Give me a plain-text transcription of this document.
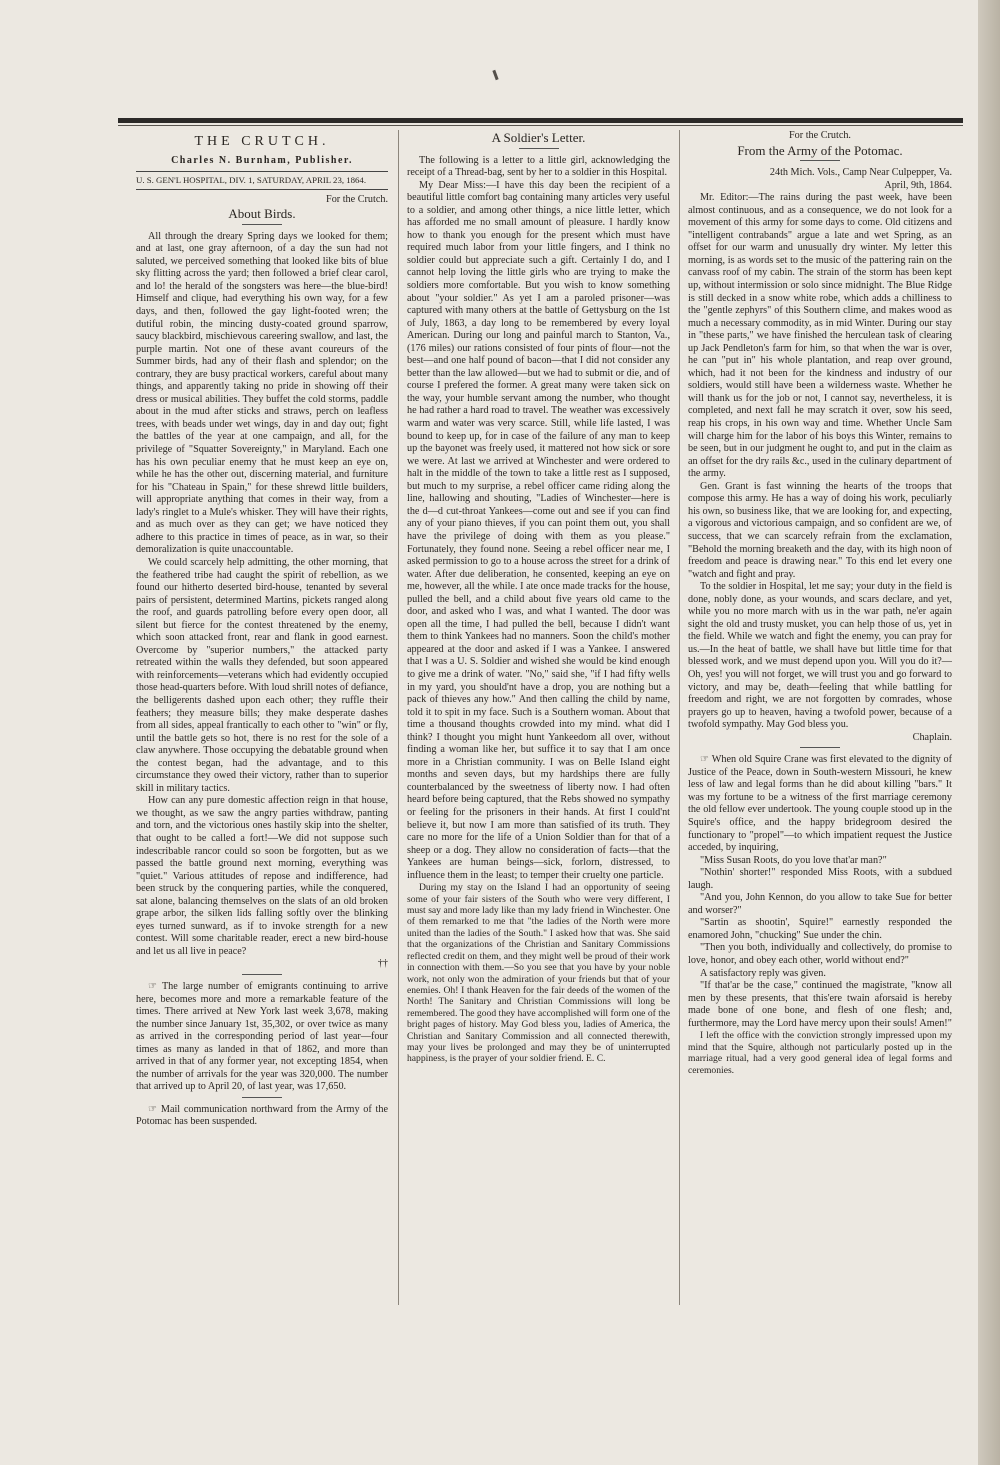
THE CRUTCH.
Charles N. Burnham, Publisher.

U. S. GEN'L HOSPITAL, DIV. 1, SATURDAY, APRIL 23, 1864.

For the Crutch.

About Birds.

All through the dreary Spring days we looked for them; and at last, one gray afternoon, of a day the sun had not saluted, we perceived something that looked like bits of blue sky flitting across the yard; then followed a brief clear carol, and lo! the herald of the songsters was here—the blue-bird! Himself and clique, had everything his own way, for a few days, and then, followed the gay light-footed wren; the dutiful robin, the mincing dusty-coated ground sparrow, saucy blackbird, mischievous careering swallow, and last, the purple martin. Not one of these avant coureurs of the Summer birds, had any of their flash and splendor; on the contrary, they are busy practical workers, careful about many things, and apparently taking no pride in showing off their dress or musical abilities. They buffet the cold storms, paddle about in the mud after sticks and straws, perch on leafless trees, with beads under wet wings, day in and day out; fight the battles of the year at one campaign, and all, for the privilege of "Squatter Sovereignty," in Maryland. Each one has his own peculiar enemy that he must keep an eye on, while he has the other out, discerning material, and furniture for his "Chateau in Spain," for these shrewd little builders, will appropriate anything that comes in their way, from a lady's ringlet to a Mule's whisker. They will have their rights, and as much over as they can get; we have noticed they adhere to this practice in times of peace, as in war, so their demoralization is quite unaccountable.

We could scarcely help admitting, the other morning, that the feathered tribe had caught the spirit of rebellion, as we found our hitherto deserted bird-house, tenanted by several pairs of persistent, determined Martins, pickets ranged along the roof, and guards patrolling before every open door, all silent but fierce for the contest threatened by the enemy, which soon attacked front, rear and flank in good earnest. Overcome by "superior numbers," the attacked party retreated within the walls they defended, but soon appeared with reinforcements—veterans which had evidently occupied those head-quarters before. With loud shrill notes of defiance, the belligerents dashed upon each other; they ruffle their feathers; they measure bills; they make desperate dashes from all sides, appeal frantically to each other to "win" or fly, until the battle gets so hot, there is no rest for the sole of a claw anywhere. Those occupying the debatable ground when the contest began, had the advantage, and to this circumstance they owed their victory, rather than to superior skill in military tactics.

How can any pure domestic affection reign in that house, we thought, as we saw the angry parties withdraw, panting and torn, and the victorious ones hastily skip into the shelter, that ought to be called a fort!—We did not suppose such indescribable rancor could so soon be forgotten, but as we passed the battle ground next morning, everything was "quiet." Various attitudes of repose and indifference, had been struck by the conquering parties, while the conquered, sat alone, balancing themselves on the slats of an old broken grape arbor, the silken lids falling softly over the blinking eyes turned sunward, as if to invoke strength for a new contest. Will some charitable reader, erect a new bird-house and let us all live in peace?

††

☞ The large number of emigrants continuing to arrive here, becomes more and more a remarkable feature of the times. There arrived at New York last week 3,678, making the number since January 1st, 35,302, or over twice as many as arrived in the corresponding period of last year—four times as many as landed in that of 1862, and more than arrived in that of any former year, not excepting 1854, when the number of arrivals for the year was 320,000. The number that arrived up to April 20, of last year, was 17,650.

☞ Mail communication northward from the Army of the Potomac has been suspended.

A Soldier's Letter.

The following is a letter to a little girl, acknowledging the receipt of a Thread-bag, sent by her to a soldier in this Hospital.

My Dear Miss:—I have this day been the recipient of a beautiful little comfort bag containing many articles very useful to a soldier, and among other things, a nice little letter, which has afforded me no small amount of pleasure. I hardly know how to thank you enough for the present which must have required much labor from your little fingers, and I think no soldier could but appreciate such a gift. Certainly I do, and I cannot help loving the little girls who are trying to make the soldiers more comfortable. But you wish to know something about "your soldier." As yet I am a paroled prisoner—was captured with many others at the battle of Gettysburg on the 1st of July, 1863, a day long to be remembered by every loyal American. During our long and painful march to Stanton, Va., (176 miles) our rations consisted of four pints of flour—not the best—and one half pound of bacon—that I did not consider any better than the law allowed—but we had to submit or die, and of course I prefered the former. A great many were taken sick on the way, your humble servant among the number, who thought he had rather a hard road to travel. The weather was excessively warm and water was very scarce. Still, while life lasted, I was bound to keep up, for in case of the failure of any man to keep up the bayonet was freely used, it mattered not how sick or sore we were. At last we arrived at Winchester and were ordered to halt in the middle of the town to take a little rest as I supposed, but much to my surprise, a rebel officer came riding along the line, hallowing and shouting, "Ladies of Winchester—here is the d—d cut-throat Yankees—come out and see if you can find any of your piano thieves, if you can point them out, you shall have the privilege of doing with them as you please." Fortunately, they found none. Seeing a rebel officer near me, I asked permission to go to a house across the street for a drink of water. After due deliberation, he consented, keeping an eye on me, however, all the while. I ate once made tracks for the house, pulled the bell, and a child about five years old came to the door, and asked who I was, and what I wanted. The door was open all the time, I had pulled the bell, because I didn't want them to think Yankees had no manners. Soon the child's mother appeared at the door and asked if I was a Yankee. I answered that I was a U. S. Soldier and wished she would be kind enough to give me a drink of water. "No," said she, "if I had fifty wells in my yard, you should'nt have a drop, you are nothing but a pack of thieves any how." And then calling the child by name, told it to spit in my face. Such is a Southern woman. About that time a thousand thoughts crowded into my mind. what did I think? I thought you might hunt Yankeedom all over, without finding a woman like her, but suffice it to say that I am once more in a Christian community. I was on Belle Island eight months and seven days, but my hardships there are fully counterbalanced by the sweetness of liberty now. I had often heard before being captured, that the Rebs showed no sympathy or feeling for the prisoners in their hands. At first I could'nt believe it, but now I am more than satisfied of its truth. They care no more for the life of a Union Soldier than for that of a sheep or a dog. They allow no consideration of facts—that the Yankees are human beings—sick, forlorn, distressed, to influence them in the least; to temper their cruelty one particle.

During my stay on the Island I had an opportunity of seeing some of your fair sisters of the South who were very different, I must say and more lady like than my lady friend in Winchester. One of them remarked to me that "the ladies of the North were more united than the ladies of the South." I asked how that was. She said that the organizations of the Christian and Sanitary Commissions reflected credit on them, and they might well be proud of their work in connection with them.—So you see that you have by your noble work, not only won the admiration of your friends but that of your enemies. Oh! I thank Heaven for the fair deeds of the women of the North! The Sanitary and Christian Commissions will long be remembered. The good they have accomplished will form one of the bright pages of history. May God bless you, ladies of America, the Christian and Sanitary Commission and all connected therewith, may your lives be prolonged and may they be of uninterrupted happiness, is the prayer of your soldier friend. E. C.

For the Crutch.

From the Army of the Potomac.

24th Mich. Vols., Camp Near Culpepper, Va.

April, 9th, 1864.

Mr. Editor:—The rains during the past week, have been almost continuous, and as a consequence, we do not look for a movement of this army for some days to come. Old citizens and "intelligent contrabands" argue a late and wet Spring, as an offset for our warm and unusually dry winter. My letter this morning, is as words set to the music of the pattering rain on the canvass roof of my cabin. The strain of the storm has been kept up, without intermission or solo since midnight. The Blue Ridge is still decked in a snow white robe, which adds a chilliness to the "gentle zephyrs" of this Southern clime, and makes wood as much a necessary commodity, as in mid Winter. During our stay in "these parts," we have finished the herculean task of clearing up Jack Pendleton's farm for him, so that when the war is over, he can "put in" his whole plantation, and reap over ground, which, had it not been for the kindness and industry of our soldiers, would still have been a wilderness waste. Whether he will thank us for the job or not, I cannot say, nevertheless, it is completed, and next fall he may scratch it over, sow his seed, reap his crops, in his own way and time. Whether Uncle Sam will charge him for the labor of his boys this Winter, remains to be seen, but in our judgment he ought to, and put in the claim as an offset for the dry rails &c., used in the culinary department of the army.

Gen. Grant is fast winning the hearts of the troops that compose this army. He has a way of doing his work, peculiarly his own, so business like, that we are looking for, and expecting, a vigorous and victorious campaign, and so confident are we, of success, that we can scarcely refrain from the exclamation, "Behold the morning breaketh and the day, with its high noon of freedom and peace is drawing near." To this end let every one "watch and fight and pray.

To the soldier in Hospital, let me say; your duty in the field is done, nobly done, as your wounds, and scars declare, and yet, while you no more march with us in the war path, ne'er again sight the old and trusty musket, you can help those of us, yet in the field. While we watch and fight the enemy, you can pray for us.—In the heat of battle, we shall have but little time for that blessed work, and we must depend upon you. Will you do it?—Oh, yes! you will not forget, we will trust you and go forward to victory, and may be, death—feeling that while battling for freedom and right, we are not forgotten by comrades, whose prayers go up to heaven, having a twofold power, because of a twofold sympathy. May God bless you.

Chaplain.

☞ When old Squire Crane was first elevated to the dignity of Justice of the Peace, down in South-western Missouri, he knew less of law and legal forms than he did about killing "bars." It was my fortune to be a witness of the first marriage ceremony the old fellow ever undertook. The young couple stood up in the Squire's office, and the happy bridegroom desired the functionary to "propel"—to which impatient request the Justice acceded, by inquiring,

"Miss Susan Roots, do you love that'ar man?"

"Nothin' shorter!" responded Miss Roots, with a subdued laugh.

"And you, John Kennon, do you allow to take Sue for better and worser?"

"Sartin as shootin', Squire!" earnestly responded the enamored John, "chucking" Sue under the chin.

"Then you both, individually and collectively, do promise to love, honor, and obey each other, world without end?"

A satisfactory reply was given.

"If that'ar be the case," continued the magistrate, "know all men by these presents, that this'ere twain aforsaid is hereby made bone of one bone, and flesh of one flesh; and, furthermore, may the Lord have mercy upon their souls! Amen!"

I left the office with the conviction strongly impressed upon my mind that the Squire, although not particularly posted up in the marriage ritual, had a very good general idea of legal forms and ceremonies.
